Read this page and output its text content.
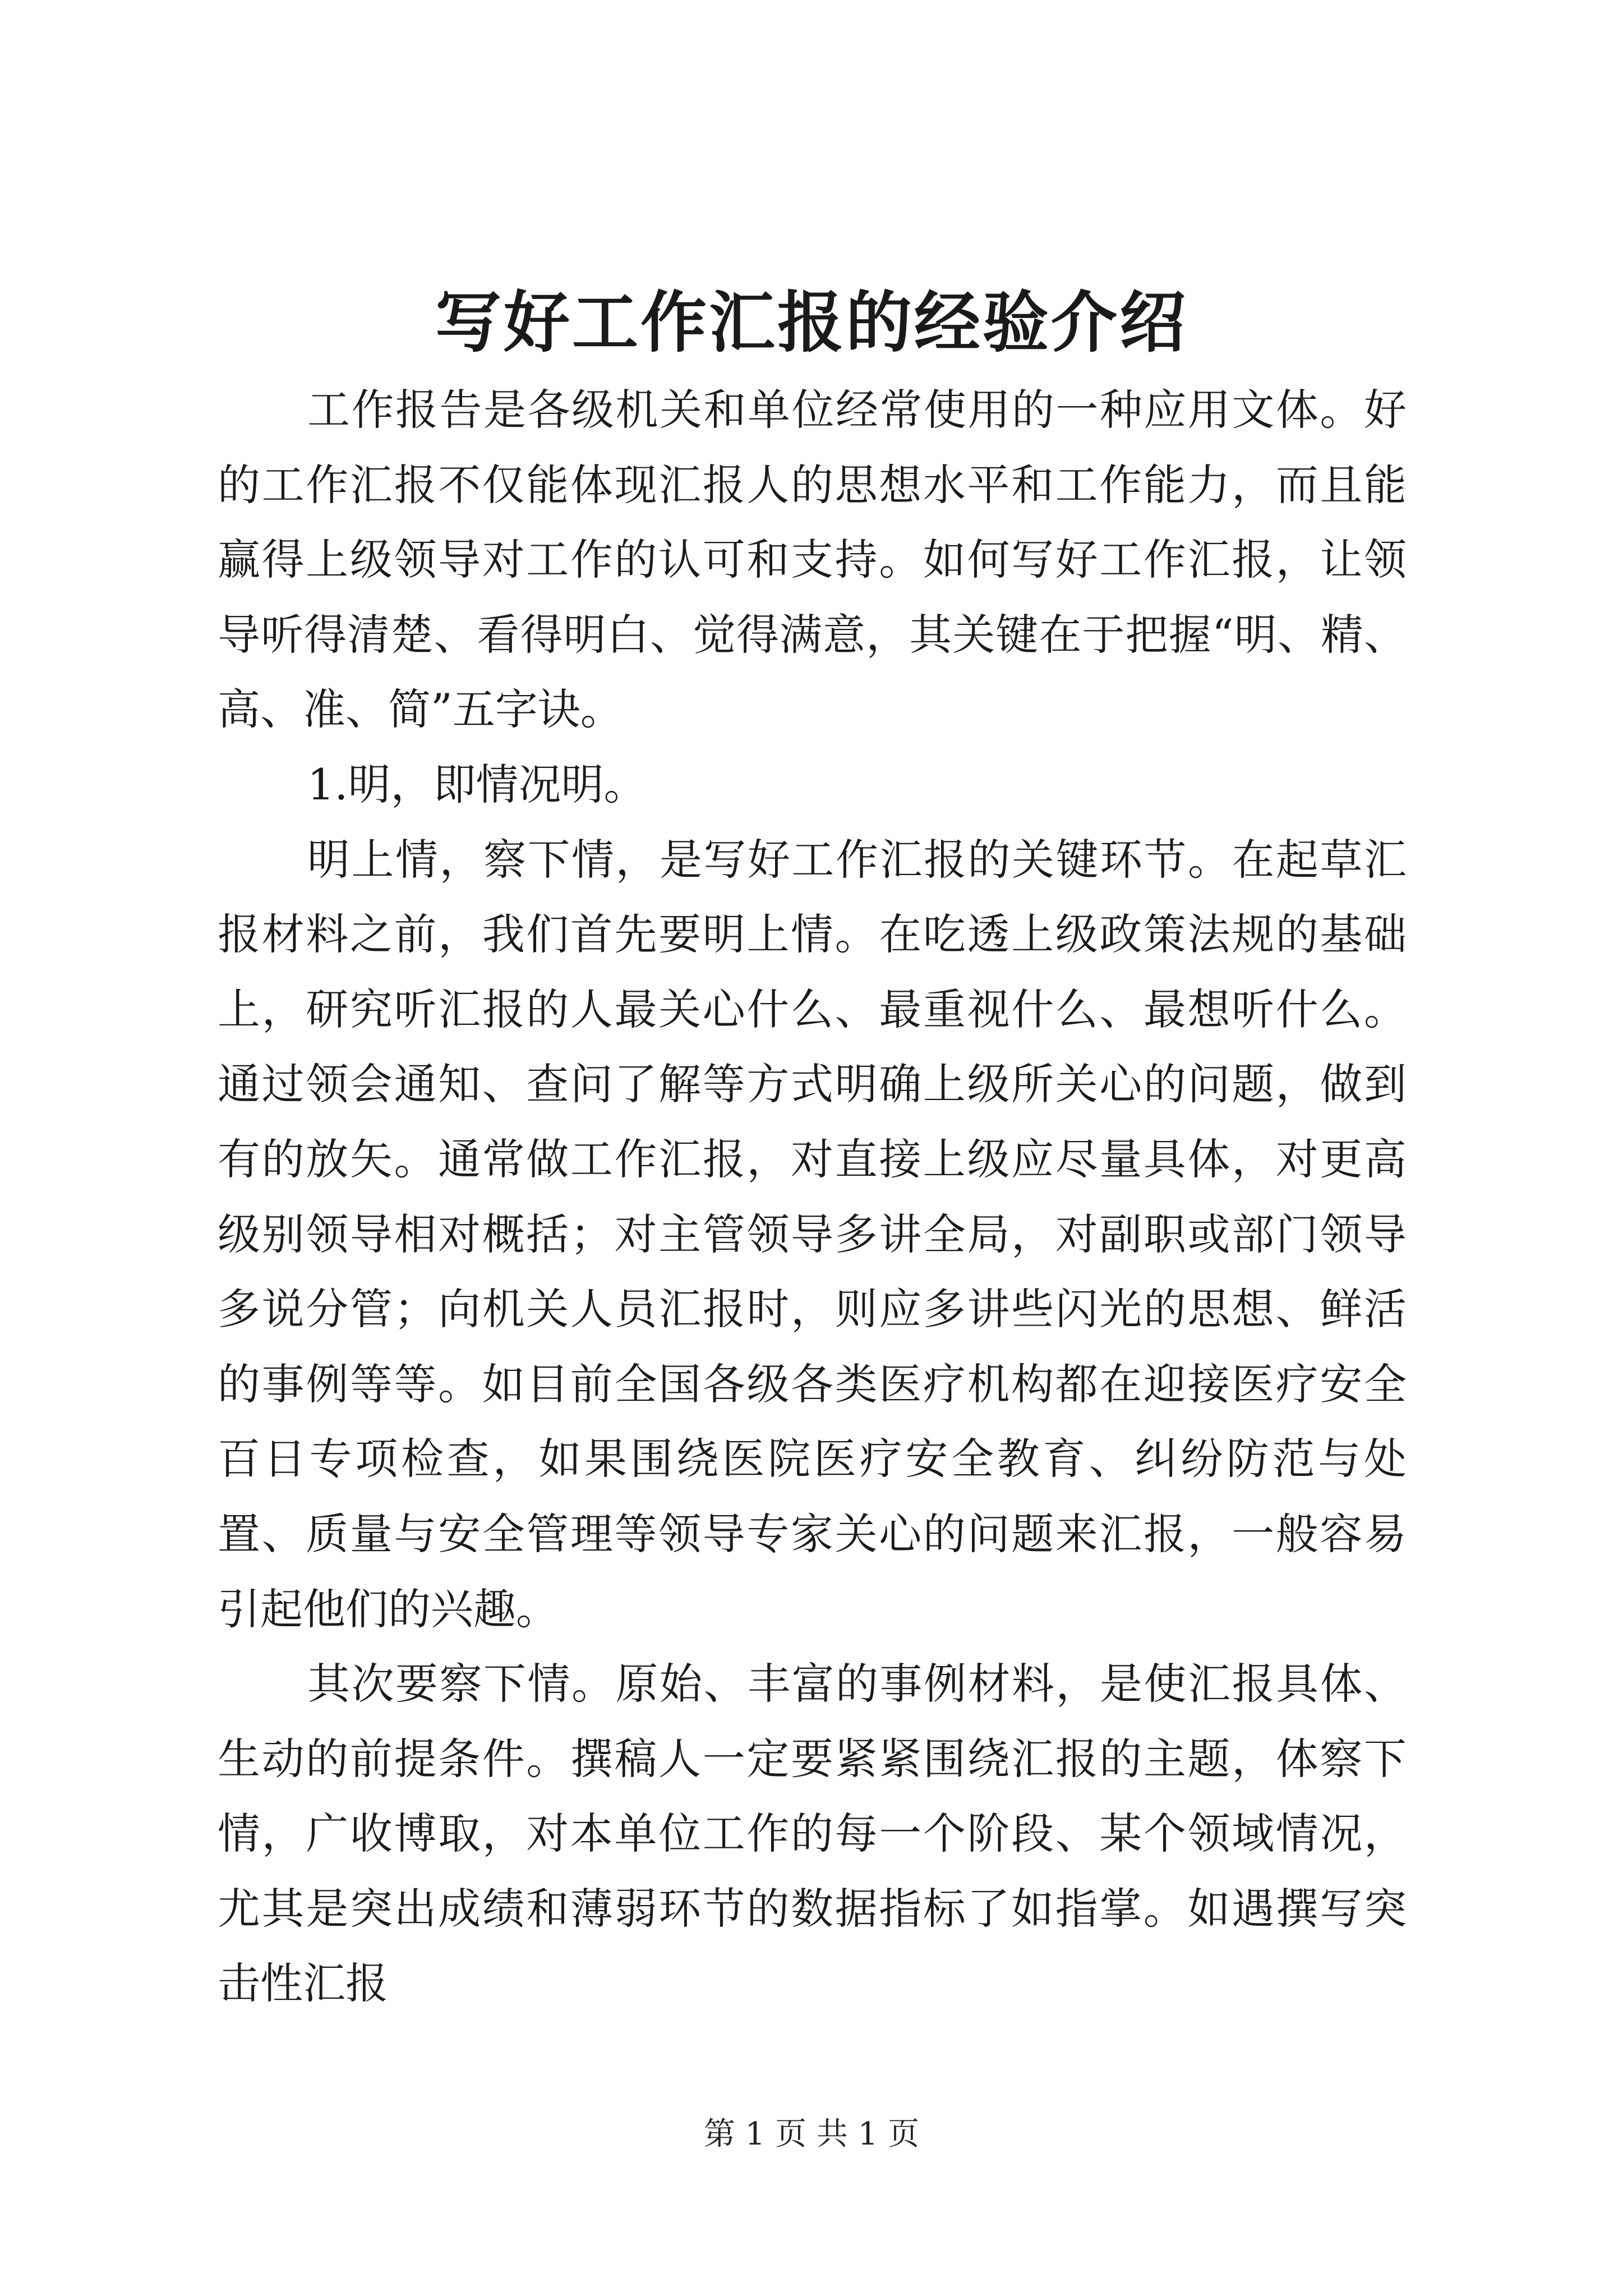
写好工作汇报的经验介绍

工作报告是各级机关和单位经常使用的一种应用文体。好的工作汇报不仅能体现汇报人的思想水平和工作能力，而且能赢得上级领导对工作的认可和支持。如何写好工作汇报，让领导听得清楚、看得明白、觉得满意，其关键在于把握“明、精、高、准、简”五字诀。

1.明，即情况明。

明上情，察下情，是写好工作汇报的关键环节。在起草汇报材料之前，我们首先要明上情。在吃透上级政策法规的基础上，研究听汇报的人最关心什么、最重视什么、最想听什么。通过领会通知、查问了解等方式明确上级所关心的问题，做到有的放矢。通常做工作汇报，对直接上级应尽量具体，对更高级别领导相对概括；对主管领导多讲全局，对副职或部门领导多说分管；向机关人员汇报时，则应多讲些闪光的思想、鲜活的事例等等。如目前全国各级各类医疗机构都在迎接医疗安全百日专项检查，如果围绕医院医疗安全教育、纠纷防范与处置、质量与安全管理等领导专家关心的问题来汇报，一般容易引起他们的兴趣。

其次要察下情。原始、丰富的事例材料，是使汇报具体、生动的前提条件。撰稿人一定要紧紧围绕汇报的主题，体察下情，广收博取，对本单位工作的每一个阶段、某个领域情况，尤其是突出成绩和薄弱环节的数据指标了如指掌。如遇撰写突击性汇报

第 1 页 共 1 页
